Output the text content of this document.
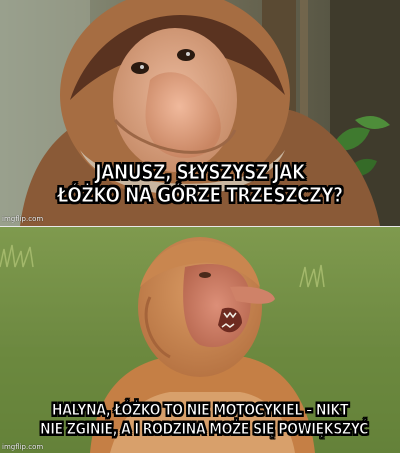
JANUSZ, SŁYSZYSZ JAK
ŁÓŻKO NA GÓRZE TRZESZCZY?

imgflip.com

HALYNA, ŁÓŻKO TO NIE MOTOCYKIEL – NIKT
NIE ZGINIE, A I RODZINA MOŻE SIĘ POWIĘKSZYĆ

imgflip.com
